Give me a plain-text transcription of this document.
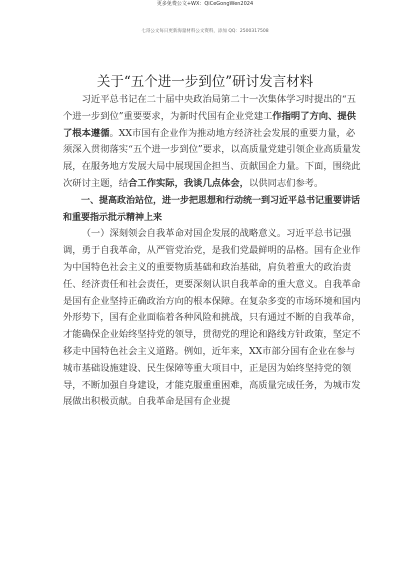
更多免费公文+WX：QiCeGongWen2024
七哥公文每日更新海量材料公文资料，添加 QQ：2500317508
关于“五个进一步到位”研讨发言材料

习近平总书记在二十届中央政治局第二十一次集体学习时提出的“五个进一步到位”重要要求，为新时代国有企业党建工作指明了方向、提供了根本遵循。XX市国有企业作为推动地方经济社会发展的重要力量，必须深入贯彻落实“五个进一步到位”要求，以高质量党建引领企业高质量发展，在服务地方发展大局中展现国企担当、贡献国企力量。下面，围绕此次研讨主题，结合工作实际，我谈几点体会，以供同志们参考。

一、提高政治站位，进一步把思想和行动统一到习近平总书记重要讲话和重要指示批示精神上来

（一）深刻领会自我革命对国企发展的战略意义。习近平总书记强调，勇于自我革命，从严管党治党，是我们党最鲜明的品格。国有企业作为中国特色社会主义的重要物质基础和政治基础，肩负着重大的政治责任、经济责任和社会责任，更要深刻认识自我革命的重大意义。自我革命是国有企业坚持正确政治方向的根本保障。在复杂多变的市场环境和国内外形势下，国有企业面临着各种风险和挑战，只有通过不断的自我革命，才能确保企业始终坚持党的领导，贯彻党的理论和路线方针政策，坚定不移走中国特色社会主义道路。例如，近年来，XX市部分国有企业在参与城市基础设施建设、民生保障等重大项目中，正是因为始终坚持党的领导，不断加强自身建设，才能克服重重困难，高质量完成任务，为城市发展做出积极贡献。自我革命是国有企业提
